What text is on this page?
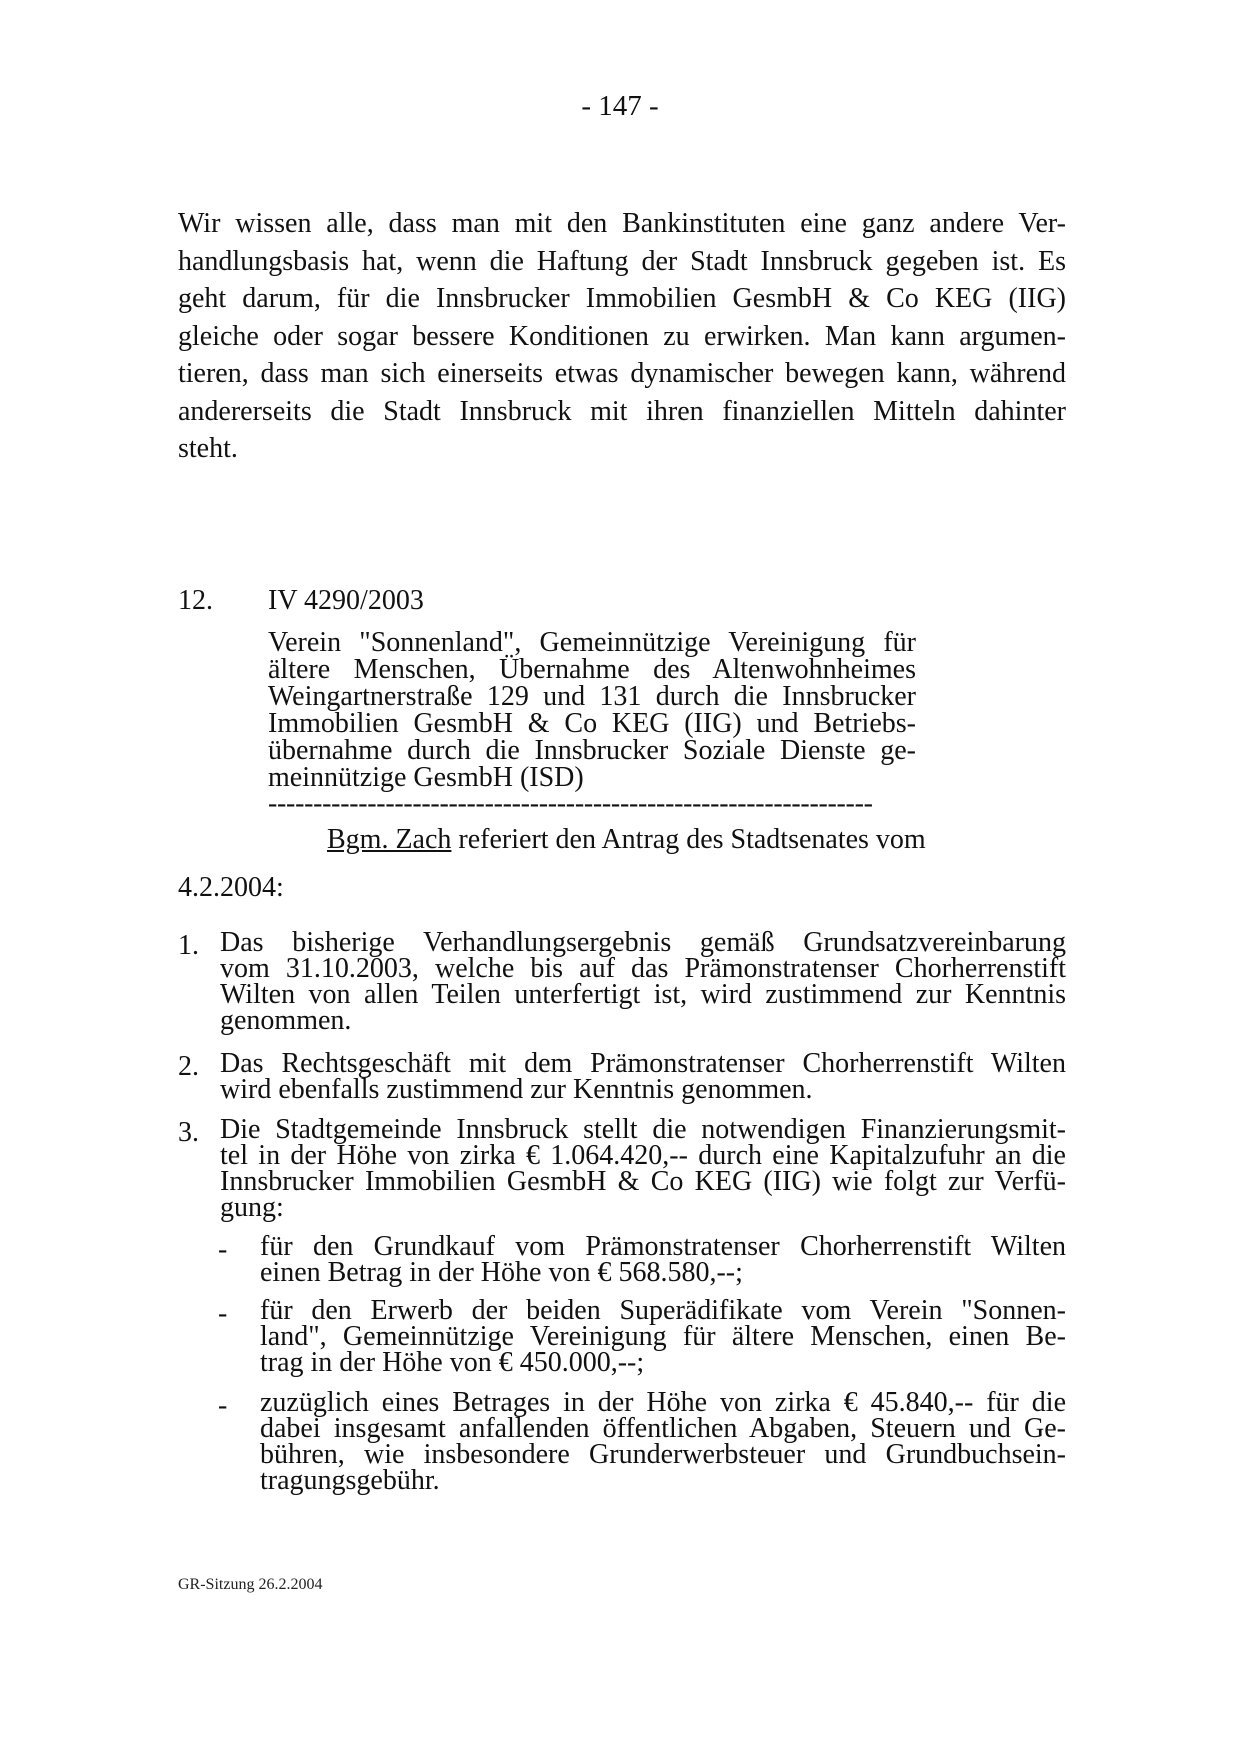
- 147 -
Wir wissen alle, dass man mit den Bankinstituten eine ganz andere Ver-
handlungsbasis hat, wenn die Haftung der Stadt Innsbruck gegeben ist. Es
geht darum, für die Innsbrucker Immobilien GesmbH & Co KEG (IIG)
gleiche oder sogar bessere Konditionen zu erwirken. Man kann argumen-
tieren, dass man sich einerseits etwas dynamischer bewegen kann, während
andererseits die Stadt Innsbruck mit ihren finanziellen Mitteln dahinter
steht.
12. IV 4290/2003
Verein "Sonnenland", Gemeinnützige Vereinigung für
ältere Menschen, Übernahme des Altenwohnheimes
Weingartnerstraße 129 und 131 durch die Innsbrucker
Immobilien GesmbH & Co KEG (IIG) und Betriebs-
übernahme durch die Innsbrucker Soziale Dienste ge-
meinnützige GesmbH (ISD)
-------------------------------------------------------------------
Bgm. Zach referiert den Antrag des Stadtsenates vom
4.2.2004:
1. Das bisherige Verhandlungsergebnis gemäß Grundsatzvereinbarung
vom 31.10.2003, welche bis auf das Prämonstratenser Chorherrenstift
Wilten von allen Teilen unterfertigt ist, wird zustimmend zur Kenntnis
genommen.
2. Das Rechtsgeschäft mit dem Prämonstratenser Chorherrenstift Wilten
wird ebenfalls zustimmend zur Kenntnis genommen.
3. Die Stadtgemeinde Innsbruck stellt die notwendigen Finanzierungsmit-
tel in der Höhe von zirka € 1.064.420,-- durch eine Kapitalzufuhr an die
Innsbrucker Immobilien GesmbH & Co KEG (IIG) wie folgt zur Verfü-
gung:
- für den Grundkauf vom Prämonstratenser Chorherrenstift Wilten
einen Betrag in der Höhe von € 568.580,--;
- für den Erwerb der beiden Superädifikate vom Verein "Sonnen-
land", Gemeinnützige Vereinigung für ältere Menschen, einen Be-
trag in der Höhe von € 450.000,--;
- zuzüglich eines Betrages in der Höhe von zirka € 45.840,-- für die
dabei insgesamt anfallenden öffentlichen Abgaben, Steuern und Ge-
bühren, wie insbesondere Grunderwerbsteuer und Grundbuchsein-
tragungsgebühr.
GR-Sitzung 26.2.2004
